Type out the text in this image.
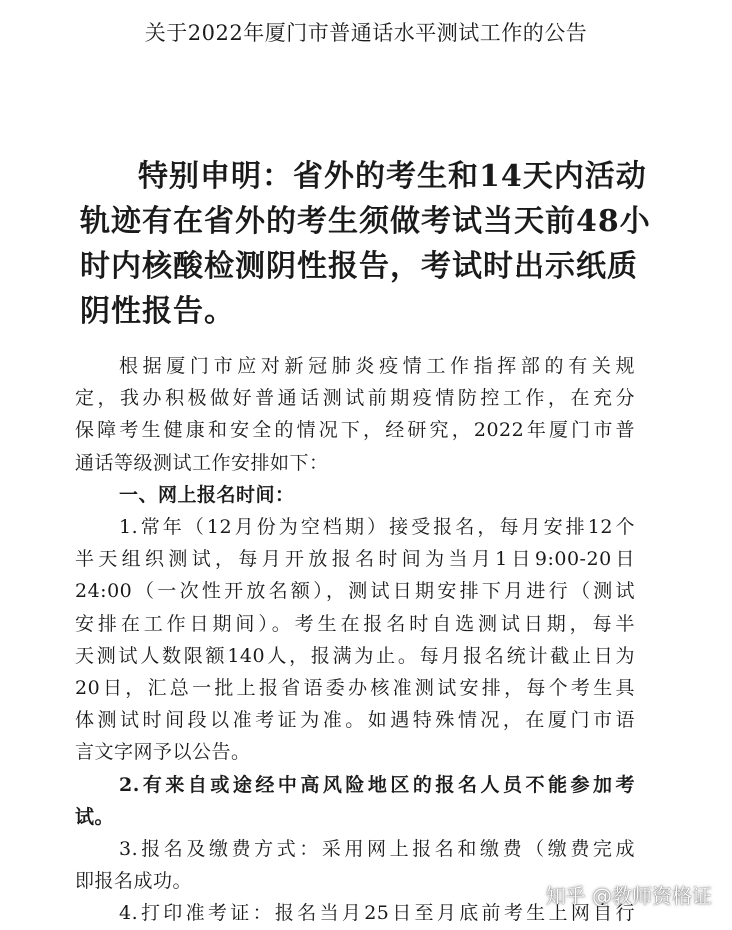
关于2022年厦门市普通话水平测试工作的公告
特别申明：省外的考生和14天内活动
轨迹有在省外的考生须做考试当天前48小
时内核酸检测阴性报告，考试时出示纸质
阴性报告。
根据厦门市应对新冠肺炎疫情工作指挥部的有关规
定，我办积极做好普通话测试前期疫情防控工作，在充分
保障考生健康和安全的情况下，经研究，2022年厦门市普
通话等级测试工作安排如下：
一、网上报名时间：
1.常年（12月份为空档期）接受报名，每月安排12个
半天组织测试，每月开放报名时间为当月1日9:00-20日
24:00（一次性开放名额），测试日期安排下月进行（测试
安排在工作日期间）。考生在报名时自选测试日期，每半
天测试人数限额140人，报满为止。每月报名统计截止日为
20日，汇总一批上报省语委办核准测试安排，每个考生具
体测试时间段以准考证为准。如遇特殊情况，在厦门市语
言文字网予以公告。
2.有来自或途经中高风险地区的报名人员不能参加考
试。
3.报名及缴费方式：采用网上报名和缴费（缴费完成
即报名成功。
4.打印准考证：报名当月25日至月底前考生上网自行
知乎 @教师资格证
